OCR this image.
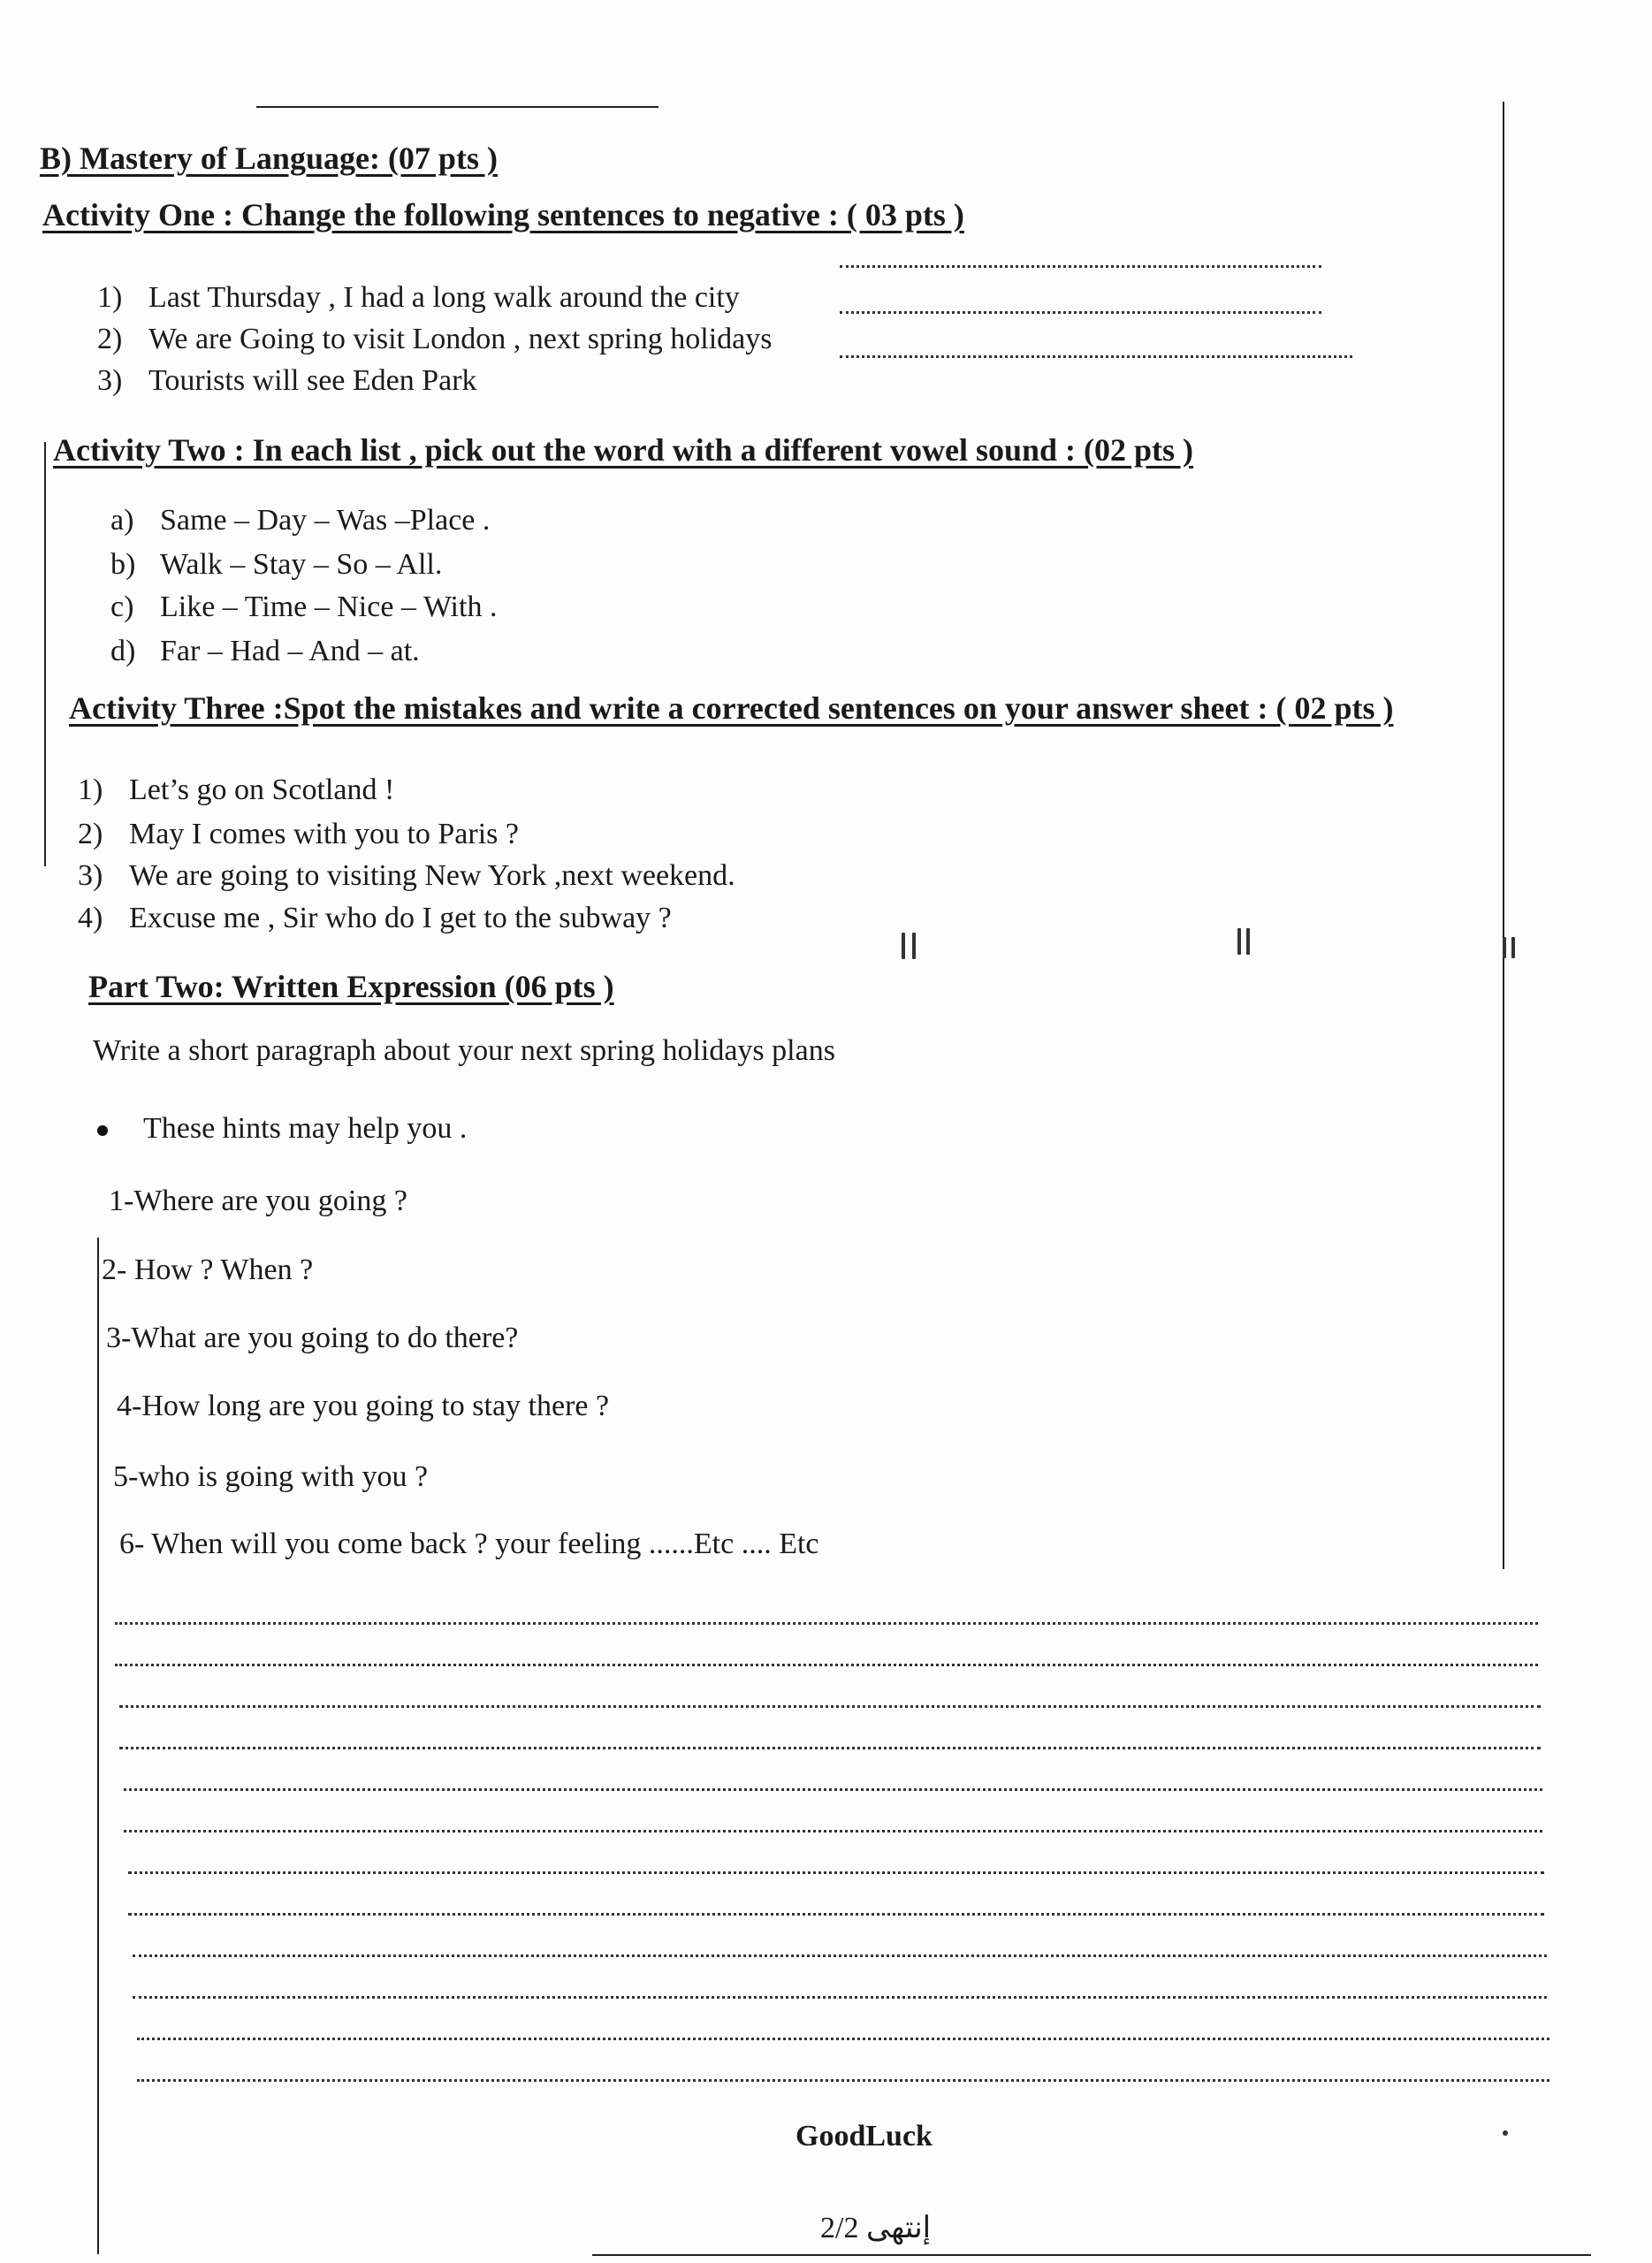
B) Mastery of Language: (07 pts )
Activity One : Change the following sentences to negative : ( 03 pts )
1) Last Thursday , I had a long walk around the city
2) We are Going to visit London , next spring holidays
3) Tourists will see Eden Park
Activity Two : In each list , pick out the word with a different vowel sound : (02 pts )
a) Same – Day – Was –Place .
b) Walk – Stay – So – All.
c) Like – Time – Nice – With .
d) Far – Had – And – at.
Activity Three :Spot the mistakes and write a corrected sentences on your answer sheet : ( 02 pts )
1) Let’s go on Scotland !
2) May I comes with you to Paris ?
3) We are going to visiting New York ,next weekend.
4) Excuse me , Sir who do I get to the subway ?
Part Two: Written Expression (06 pts )
Write a short paragraph about your next spring holidays plans
These hints may help you .
1-Where are you going ?
2- How ? When ?
3-What are you going to do there?
4-How long are you going to stay there ?
5-who is going with you ?
6- When will you come back ? your feeling ......Etc .... Etc
GoodLuck
إنتهى 2/2
